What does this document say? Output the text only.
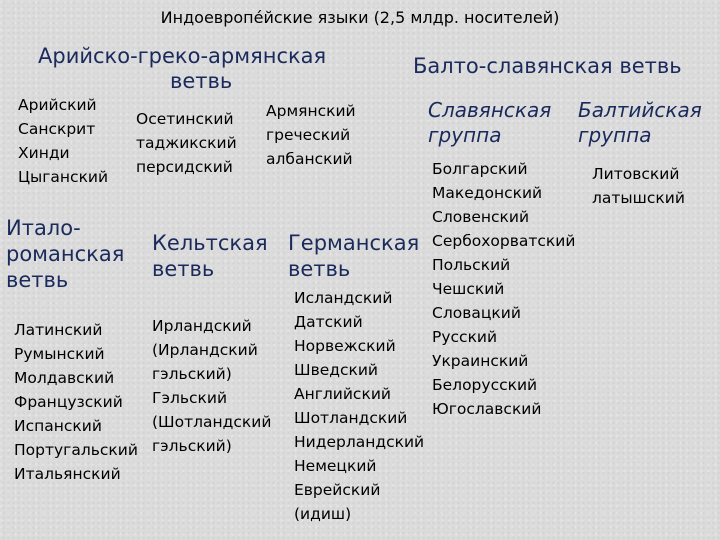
Индоевропе́йские языки (2,5 млдр. носителей)
Арийско-греко-армянская
ветвь
Арийский
Санскрит
Хинди
Цыганский
Осетинский
таджикский
персидский
Армянский
греческий
албанский
Балто-славянская ветвь
Славянская
группа
Балтийская
группа
Болгарский
Македонский
Словенский
Сербохорватский
Польский
Чешский
Словацкий
Русский
Украинский
Белорусский
Югославский
Литовский
латышский
Итало-
романская
ветвь
Латинский
Румынский
Молдавский
Французский
Испанский
Португальский
Итальянский
Кельтская
ветвь
Ирландский
(Ирландский
гэльский)
Гэльский
(Шотландский
гэльский)
Германская
ветвь
Исландский
Датский
Норвежский
Шведский
Английский
Шотландский
Нидерландский
Немецкий
Еврейский
(идиш)
